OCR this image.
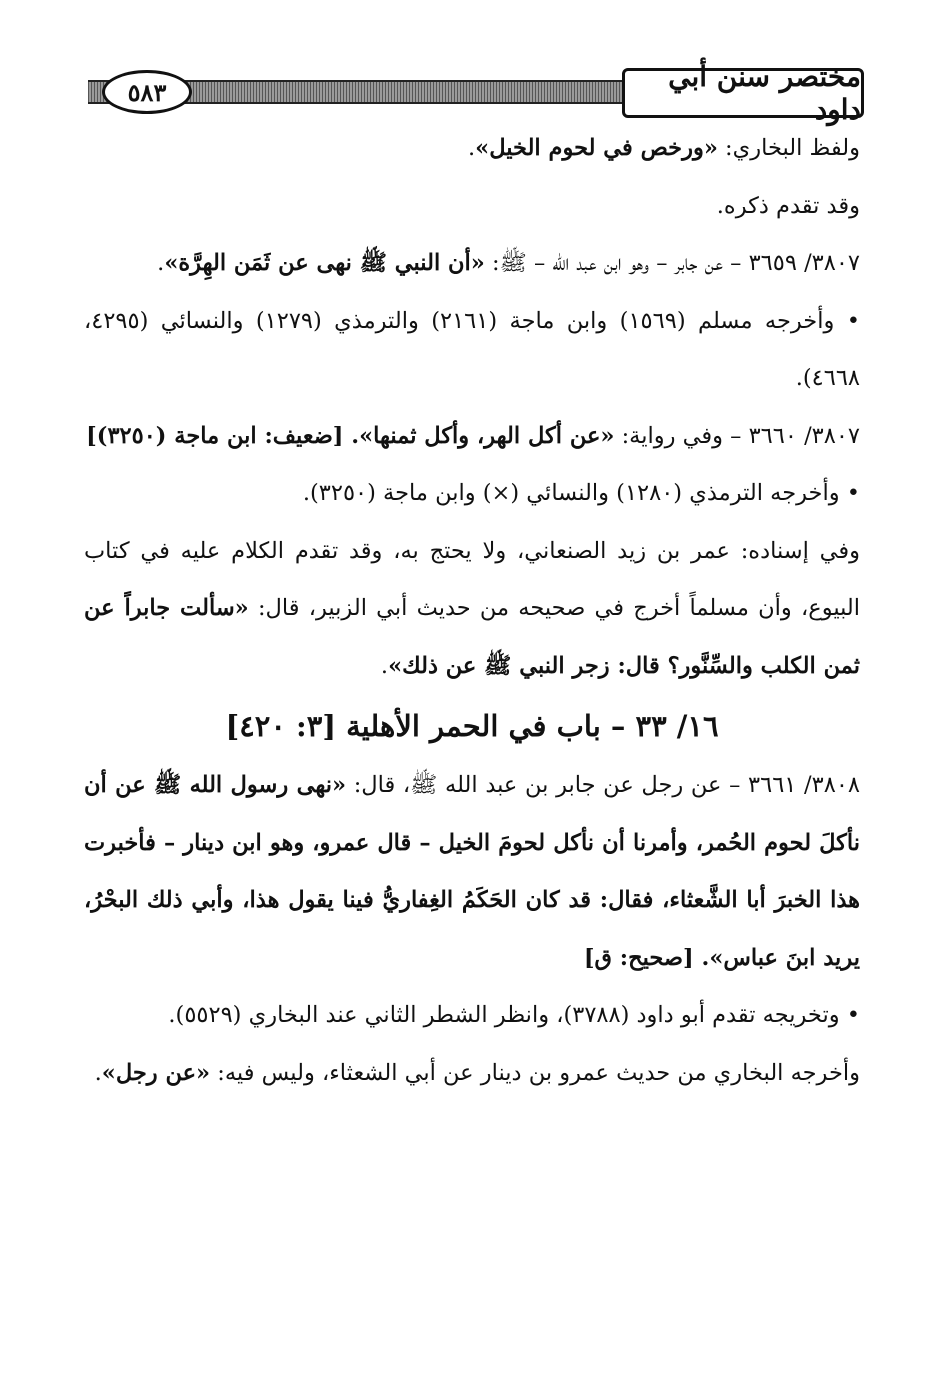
٥٨٣	مختصر سنن أبي داود

ولفظ البخاري: «ورخص في لحوم الخيل».

وقد تقدم ذكره.

٣٨٠٧/ ٣٦٥٩ – عن جابر – وهو ابن عبد الله – ﷺ: «أن النبي ﷺ نهى عن ثَمَن الهِرَّة».

• وأخرجه مسلم (١٥٦٩) وابن ماجة (٢١٦١) والترمذي (١٢٧٩) والنسائي (٤٢٩٥، ٤٦٦٨).

٣٨٠٧/ ٣٦٦٠ – وفي رواية: «عن أكل الهر، وأكل ثمنها». [ضعيف: ابن ماجة (٣٢٥٠)]

• وأخرجه الترمذي (١٢٨٠) والنسائي (×) وابن ماجة (٣٢٥٠).

وفي إسناده: عمر بن زيد الصنعاني، ولا يحتج به، وقد تقدم الكلام عليه في كتاب البيوع، وأن مسلماً أخرج في صحيحه من حديث أبي الزبير، قال: «سألت جابراً عن ثمن الكلب والسِّنَّور؟ قال: زجر النبي ﷺ عن ذلك».

١٦/ ٣٣ – باب في الحمر الأهلية [٣: ٤٢٠]

٣٨٠٨/ ٣٦٦١ – عن رجل عن جابر بن عبد الله ﷺ، قال: «نهى رسول الله ﷺ عن أن نأكلَ لحوم الحُمر، وأمرنا أن نأكل لحومَ الخيل – قال عمرو، وهو ابن دينار – فأخبرت هذا الخبرَ أبا الشَّعثاء، فقال: قد كان الحَكَمُ الغِفاريُّ فينا يقول هذا، وأبي ذلك البحْرُ، يريد ابنَ عباس». [صحيح: ق]

• وتخريجه تقدم أبو داود (٣٧٨٨)، وانظر الشطر الثاني عند البخاري (٥٥٢٩).

وأخرجه البخاري من حديث عمرو بن دينار عن أبي الشعثاء، وليس فيه: «عن رجل».
